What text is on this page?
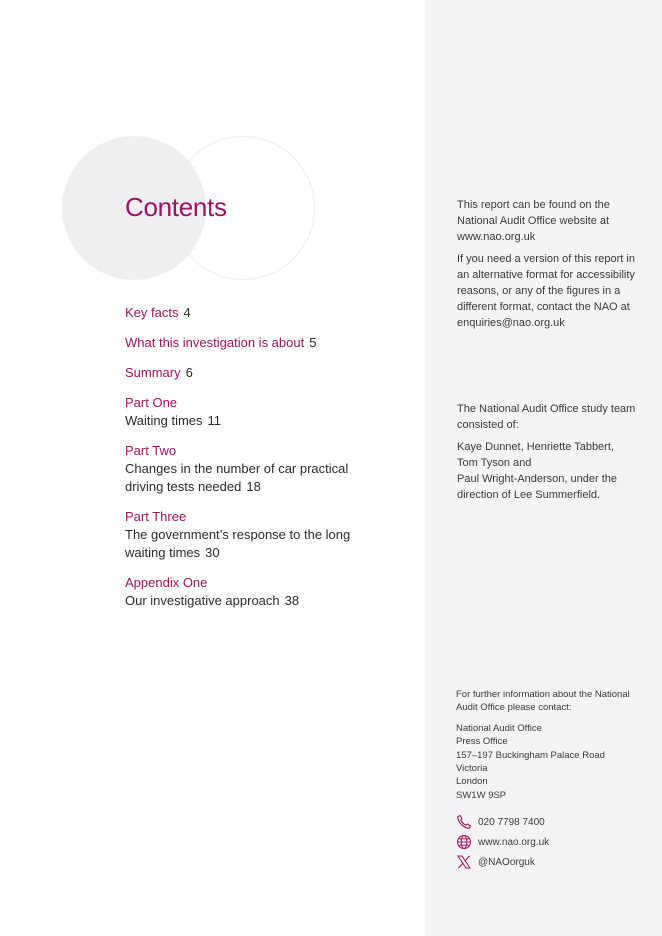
Contents
Key facts 4
What this investigation is about 5
Summary 6
Part One
Waiting times 11
Part Two
Changes in the number of car practical
driving tests needed 18
Part Three
The government’s response to the long
waiting times 30
Appendix One
Our investigative approach 38

This report can be found on the National Audit Office website at www.nao.org.uk

If you need a version of this report in an alternative format for accessibility reasons, or any of the figures in a different format, contact the NAO at enquiries@nao.org.uk

The National Audit Office study team consisted of:

Kaye Dunnet, Henriette Tabbert, Tom Tyson and

Paul Wright-Anderson, under the direction of Lee Summerfield.

For further information about the National Audit Office please contact:

National Audit Office
Press Office
157–197 Buckingham Palace Road
Victoria
London
SW1W 9SP
020 7798 7400
www.nao.org.uk
@NAOorguk
